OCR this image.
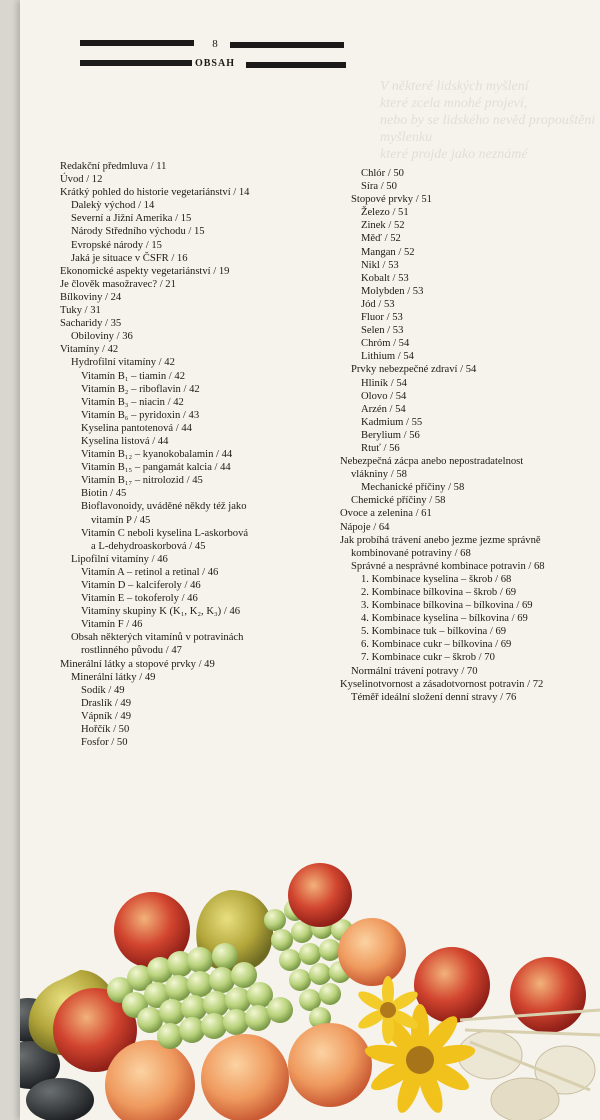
V některé lidských myšlení
které zcela mnohé projeví,
nebo by se lidského nevěd propouštěni
myšlenku
které projde jako neznámé
8
OBSAH
Redakční předmluva / 11
Úvod / 12
Krátký pohled do historie vegetariánství / 14
Dalekỳ východ / 14
Severní a Jižní Amerika / 15
Národy Středního východu / 15
Evropské národy / 15
Jaká je situace v ČSFR / 16
Ekonomické aspekty vegetariánství / 19
Je člověk masožravec? / 21
Bílkoviny / 24
Tuky / 31
Sacharidy / 35
Obiloviny / 36
Vitamíny / 42
Hydrofilní vitamíny / 42
Vitamín B₁ – tiamin / 42
Vitamín B₂ – riboflavin / 42
Vitamín B₃ – niacin / 42
Vitamín B₆ – pyridoxin / 43
Kyselina pantotenová / 44
Kyselina listová / 44
Vitamín B₁₂ – kyanokobalamin / 44
Vitamín B₁₅ – pangamát kalcia / 44
Vitamín B₁₇ – nitrolozid / 45
Biotin / 45
Bioflavonoidy, uváděné někdy též jako
vitamín P / 45
Vitamín C neboli kyselina L-askorbová
a L-dehydroaskorbová / 45
Lipofilní vitamíny / 46
Vitamín A – retinol a retinal / 46
Vitamín D – kalciferoly / 46
Vitamín E – tokoferoly / 46
Vitamíny skupiny K (K₁, K₂, K₃) / 46
Vitamín F / 46
Obsah některých vitamínů v potravinách
rostlinného původu / 47
Minerální látky a stopové prvky / 49
Minerální látky / 49
Sodík / 49
Draslík / 49
Vápník / 49
Hořčík / 50
Fosfor / 50
Chlór / 50
Síra / 50
Stopové prvky / 51
Železo / 51
Zinek / 52
Měď / 52
Mangan / 52
Nikl / 53
Kobalt / 53
Molybden / 53
Jód / 53
Fluor / 53
Selen / 53
Chróm / 54
Lithium / 54
Prvky nebezpečné zdraví / 54
Hliník / 54
Olovo / 54
Arzén / 54
Kadmium / 55
Berylium / 56
Rtuť / 56
Nebezpečná zácpa anebo nepostradatelnost
vlákniny / 58
Mechanické příčiny / 58
Chemické příčiny / 58
Ovoce a zelenina / 61
Nápoje / 64
Jak probíhá trávení anebo jezme jezme správně
kombinované potraviny / 68
Správné a nesprávné kombinace potravin / 68
1. Kombinace kyselina – škrob / 68
2. Kombinace bílkovina – škrob / 69
3. Kombinace bílkovina – bílkovina / 69
4. Kombinace kyselina – bílkovina / 69
5. Kombinace tuk – bílkovina / 69
6. Kombinace cukr – bílkovina / 69
7. Kombinace cukr – škrob / 70
Normální trávení potravy / 70
Kyselinotvornost a zásadotvornost potravin / 72
Téměř ideální složení denní stravy / 76
